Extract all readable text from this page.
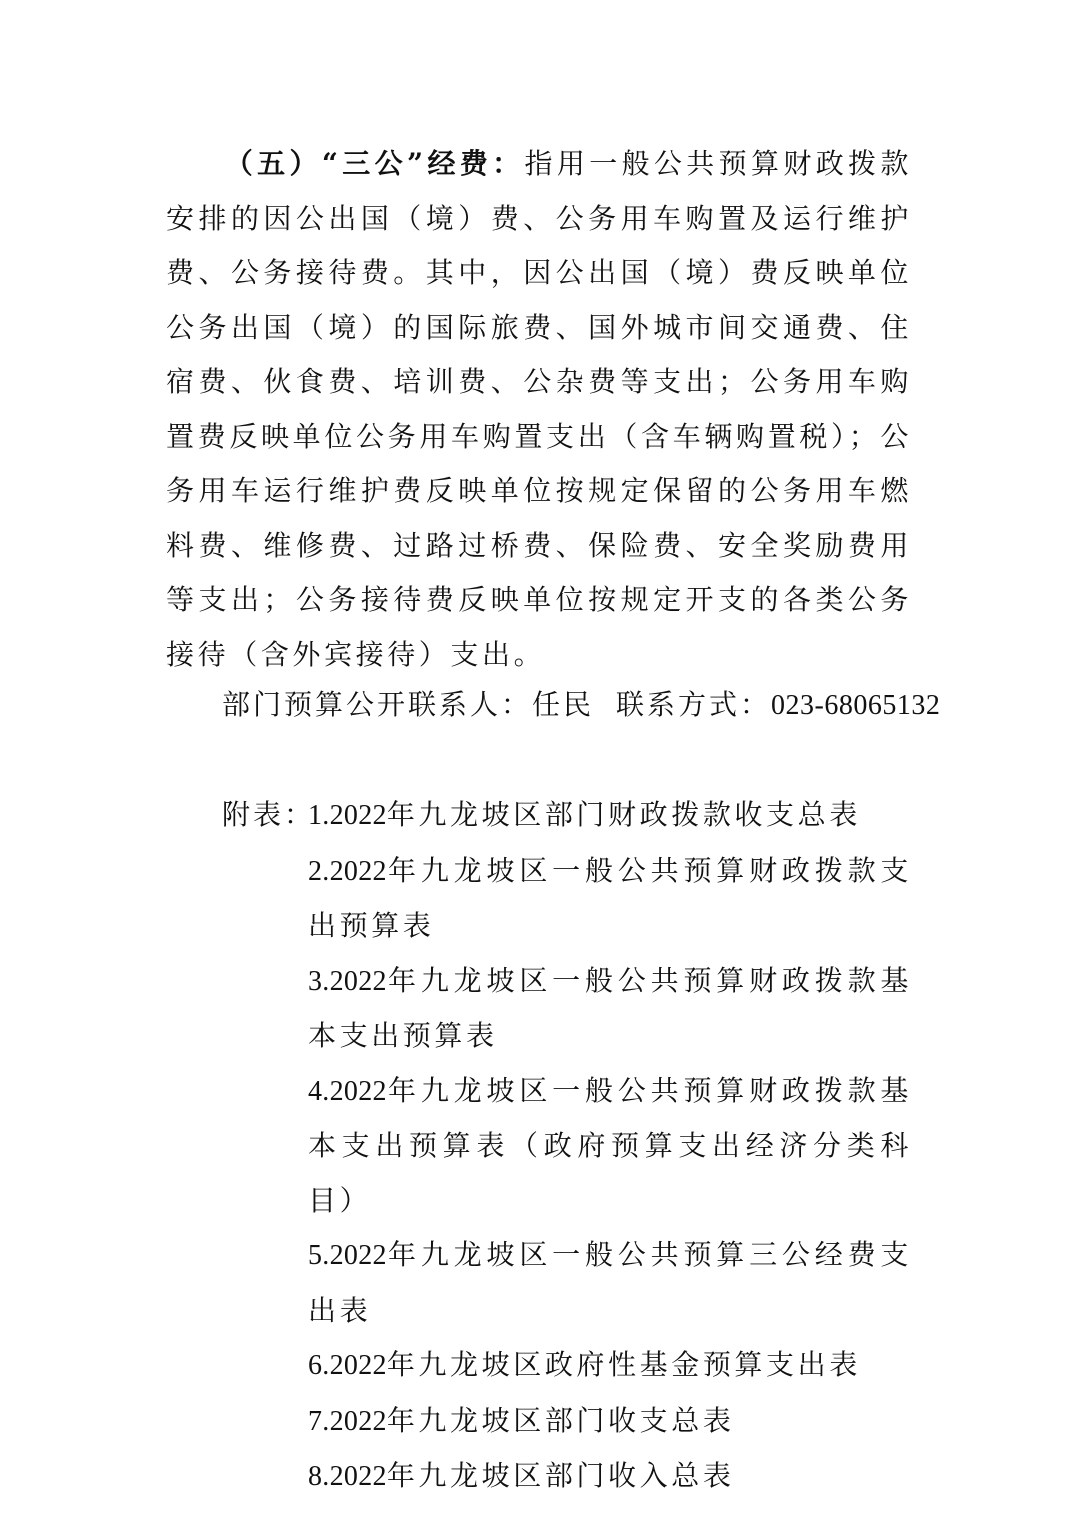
（五）“三公”经费：指用一般公共预算财政拨款安排的因公出国（境）费、公务用车购置及运行维护费、公务接待费。其中，因公出国（境）费反映单位公务出国（境）的国际旅费、国外城市间交通费、住宿费、伙食费、培训费、公杂费等支出；公务用车购置费反映单位公务用车购置支出（含车辆购置税）；公务用车运行维护费反映单位按规定保留的公务用车燃料费、维修费、过路过桥费、保险费、安全奖励费用等支出；公务接待费反映单位按规定开支的各类公务接待（含外宾接待）支出。

部门预算公开联系人：任民 联系方式：023-68065132
附表：
1.2022年九龙坡区部门财政拨款收支总表
2.2022年九龙坡区一般公共预算财政拨款支出预算表
3.2022年九龙坡区一般公共预算财政拨款基本支出预算表
4.2022年九龙坡区一般公共预算财政拨款基本支出预算表（政府预算支出经济分类科目）
5.2022年九龙坡区一般公共预算三公经费支出表
6.2022年九龙坡区政府性基金预算支出表
7.2022年九龙坡区部门收支总表
8.2022年九龙坡区部门收入总表
